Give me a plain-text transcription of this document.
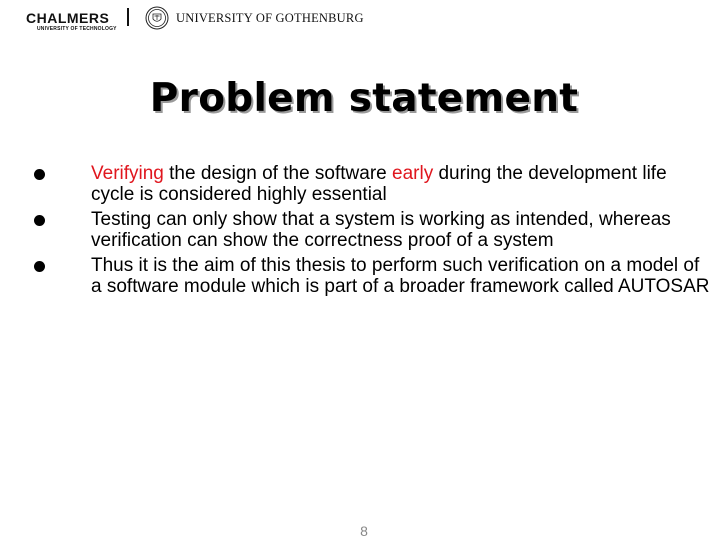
CHALMERS
UNIVERSITY OF TECHNOLOGY
UNIVERSITY OF GOTHENBURG
Problem statement
Verifying the design of the software early during the development life cycle is considered highly essential
Testing can only show that a system is working as intended, whereas verification can show the correctness proof of a system
Thus it is the aim of this thesis to perform such verification on a model of a software module which is part of a broader framework called AUTOSAR
8
